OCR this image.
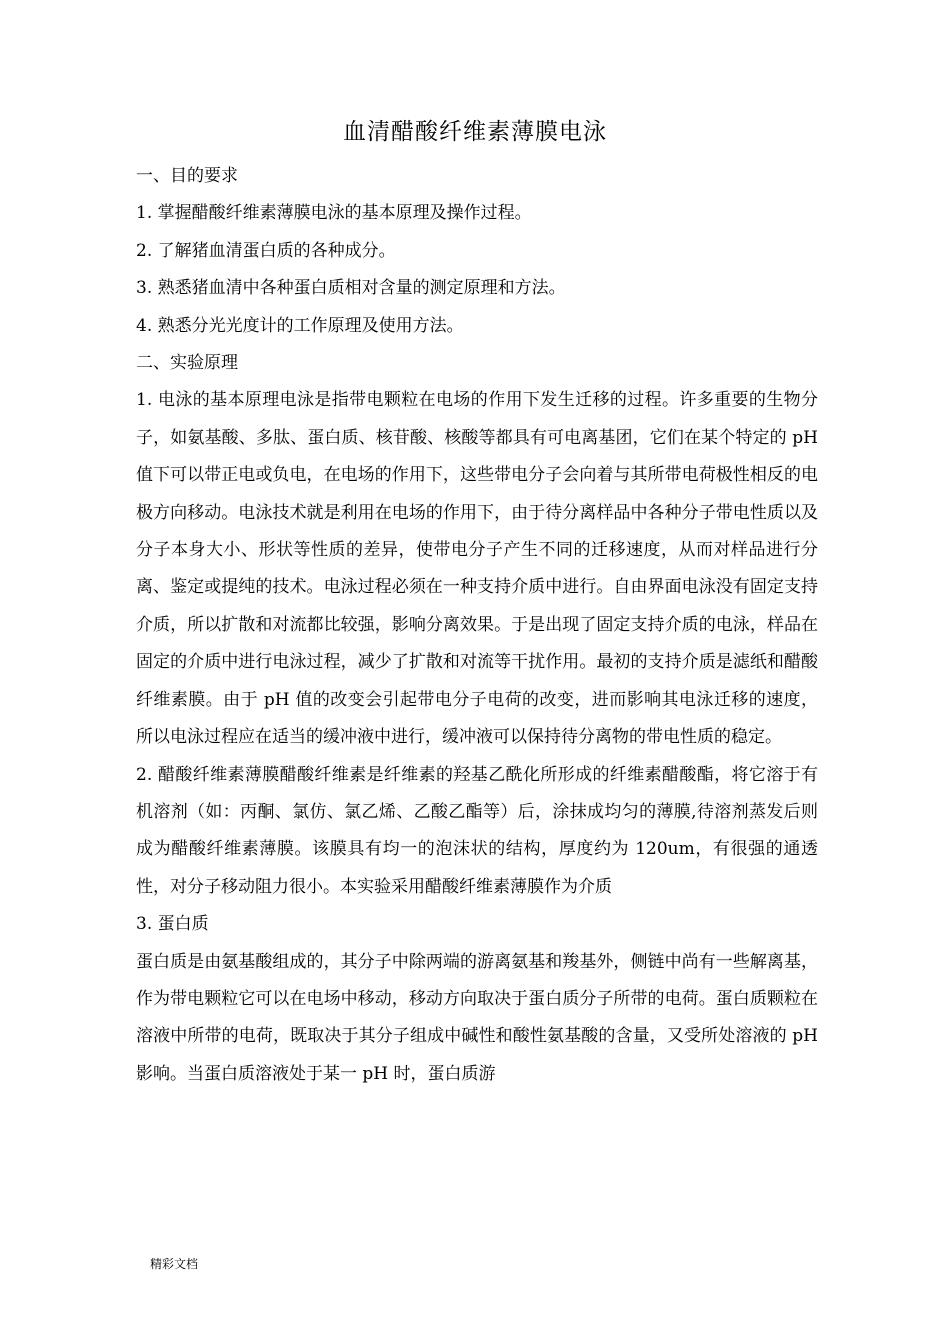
血清醋酸纤维素薄膜电泳

一、目的要求

1. 掌握醋酸纤维素薄膜电泳的基本原理及操作过程。

2. 了解猪血清蛋白质的各种成分。

3. 熟悉猪血清中各种蛋白质相对含量的测定原理和方法。

4. 熟悉分光光度计的工作原理及使用方法。

二、实验原理

1. 电泳的基本原理电泳是指带电颗粒在电场的作用下发生迁移的过程。许多重要的生物分子，如氨基酸、多肽、蛋白质、核苷酸、核酸等都具有可电离基团，它们在某个特定的 pH 值下可以带正电或负电，在电场的作用下，这些带电分子会向着与其所带电荷极性相反的电极方向移动。电泳技术就是利用在电场的作用下，由于待分离样品中各种分子带电性质以及分子本身大小、形状等性质的差异，使带电分子产生不同的迁移速度，从而对样品进行分离、鉴定或提纯的技术。电泳过程必须在一种支持介质中进行。自由界面电泳没有固定支持介质，所以扩散和对流都比较强，影响分离效果。于是出现了固定支持介质的电泳，样品在固定的介质中进行电泳过程，减少了扩散和对流等干扰作用。最初的支持介质是滤纸和醋酸纤维素膜。由于 pH 值的改变会引起带电分子电荷的改变，进而影响其电泳迁移的速度，所以电泳过程应在适当的缓冲液中进行，缓冲液可以保持待分离物的带电性质的稳定。

2. 醋酸纤维素薄膜醋酸纤维素是纤维素的羟基乙酰化所形成的纤维素醋酸酯，将它溶于有机溶剂（如：丙酮、氯仿、氯乙烯、乙酸乙酯等）后，涂抹成均匀的薄膜,待溶剂蒸发后则成为醋酸纤维素薄膜。该膜具有均一的泡沫状的结构，厚度约为 120um，有很强的通透性，对分子移动阻力很小。本实验采用醋酸纤维素薄膜作为介质

3. 蛋白质

蛋白质是由氨基酸组成的，其分子中除两端的游离氨基和羧基外，侧链中尚有一些解离基，作为带电颗粒它可以在电场中移动，移动方向取决于蛋白质分子所带的电荷。蛋白质颗粒在溶液中所带的电荷，既取决于其分子组成中碱性和酸性氨基酸的含量，又受所处溶液的 pH 影响。当蛋白质溶液处于某一 pH 时，蛋白质游

精彩文档
